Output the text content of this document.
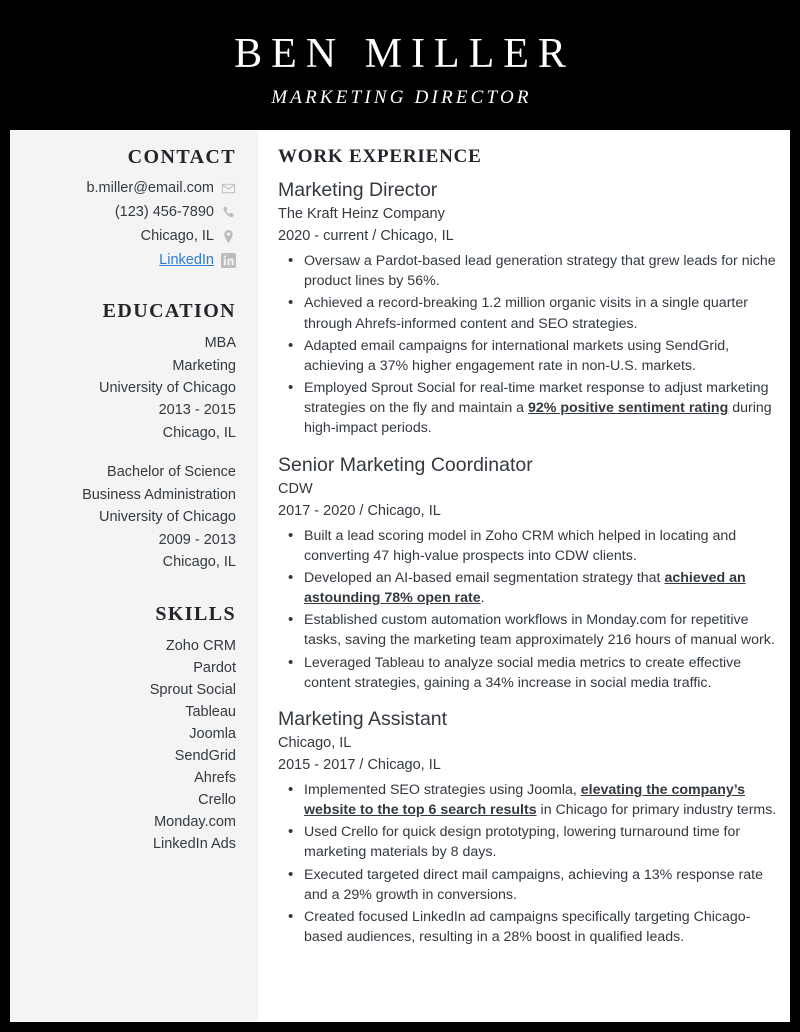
BEN MILLER
MARKETING DIRECTOR
CONTACT
b.miller@email.com
(123) 456-7890
Chicago, IL
LinkedIn
EDUCATION
MBA
Marketing
University of Chicago
2013 - 2015
Chicago, IL
Bachelor of Science
Business Administration
University of Chicago
2009 - 2013
Chicago, IL
SKILLS
Zoho CRM
Pardot
Sprout Social
Tableau
Joomla
SendGrid
Ahrefs
Crello
Monday.com
LinkedIn Ads
WORK EXPERIENCE
Marketing Director
The Kraft Heinz Company
2020 - current / Chicago, IL
• Oversaw a Pardot-based lead generation strategy that grew leads for niche product lines by 56%.
• Achieved a record-breaking 1.2 million organic visits in a single quarter through Ahrefs-informed content and SEO strategies.
• Adapted email campaigns for international markets using SendGrid, achieving a 37% higher engagement rate in non-U.S. markets.
• Employed Sprout Social for real-time market response to adjust marketing strategies on the fly and maintain a 92% positive sentiment rating during high-impact periods.
Senior Marketing Coordinator
CDW
2017 - 2020 / Chicago, IL
• Built a lead scoring model in Zoho CRM which helped in locating and converting 47 high-value prospects into CDW clients.
• Developed an AI-based email segmentation strategy that achieved an astounding 78% open rate.
• Established custom automation workflows in Monday.com for repetitive tasks, saving the marketing team approximately 216 hours of manual work.
• Leveraged Tableau to analyze social media metrics to create effective content strategies, gaining a 34% increase in social media traffic.
Marketing Assistant
Chicago, IL
2015 - 2017 / Chicago, IL
• Implemented SEO strategies using Joomla, elevating the company’s website to the top 6 search results in Chicago for primary industry terms.
• Used Crello for quick design prototyping, lowering turnaround time for marketing materials by 8 days.
• Executed targeted direct mail campaigns, achieving a 13% response rate and a 29% growth in conversions.
• Created focused LinkedIn ad campaigns specifically targeting Chicago-based audiences, resulting in a 28% boost in qualified leads.
